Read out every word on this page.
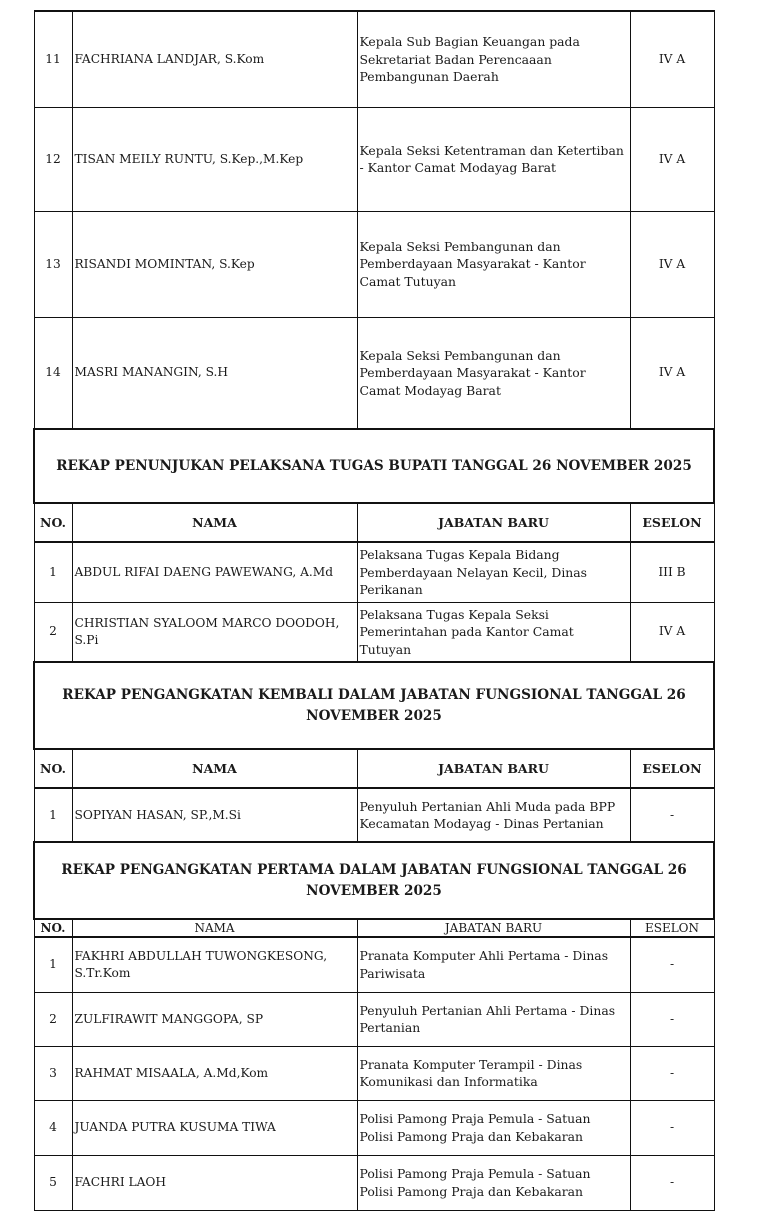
11	FACHRIANA LANDJAR, S.Kom	Kepala Sub Bagian Keuangan pada Sekretariat Badan Perencaaan Pembangunan Daerah	IV A
12	TISAN MEILY RUNTU, S.Kep.,M.Kep	Kepala Seksi Ketentraman dan Ketertiban - Kantor Camat Modayag Barat	IV A
13	RISANDI MOMINTAN, S.Kep	Kepala Seksi Pembangunan dan Pemberdayaan Masyarakat - Kantor Camat Tutuyan	IV A
14	MASRI MANANGIN, S.H	Kepala Seksi Pembangunan dan Pemberdayaan Masyarakat - Kantor Camat Modayag Barat	IV A
REKAP PENUNJUKAN PELAKSANA TUGAS BUPATI TANGGAL 26 NOVEMBER 2025			
NO.	NAMA	JABATAN BARU	ESELON
1	ABDUL RIFAI DAENG PAWEWANG, A.Md	Pelaksana Tugas Kepala Bidang Pemberdayaan Nelayan Kecil, Dinas Perikanan	III B
2	CHRISTIAN SYALOOM MARCO DOODOH, S.Pi	Pelaksana Tugas Kepala Seksi Pemerintahan pada Kantor Camat Tutuyan	IV A
REKAP PENGANGKATAN KEMBALI DALAM JABATAN FUNGSIONAL TANGGAL 26 NOVEMBER 2025			
NO.	NAMA	JABATAN BARU	ESELON
1	SOPIYAN HASAN, SP.,M.Si	Penyuluh Pertanian Ahli Muda pada BPP Kecamatan Modayag - Dinas Pertanian	-
REKAP PENGANGKATAN PERTAMA DALAM JABATAN FUNGSIONAL TANGGAL 26 NOVEMBER 2025			
NO.	NAMA	JABATAN BARU	ESELON
1	FAKHRI ABDULLAH TUWONGKESONG, S.Tr.Kom	Pranata Komputer Ahli Pertama - Dinas Pariwisata	-
2	ZULFIRAWIT MANGGOPA, SP	Penyuluh Pertanian Ahli Pertama - Dinas Pertanian	-
3	RAHMAT MISAALA, A.Md,Kom	Pranata Komputer Terampil - Dinas Komunikasi dan Informatika	-
4	JUANDA PUTRA KUSUMA TIWA	Polisi Pamong Praja Pemula - Satuan Polisi Pamong Praja dan Kebakaran	-
5	FACHRI LAOH	Polisi Pamong Praja Pemula - Satuan Polisi Pamong Praja dan Kebakaran	-
